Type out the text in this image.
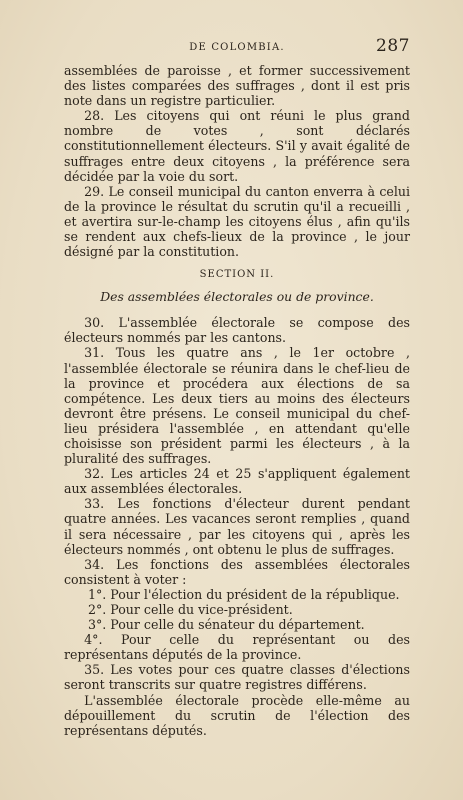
DE COLOMBIA.	287

assemblées de paroisse , et former successivement des listes comparées des suffrages , dont il est pris note dans un registre particulier.

28. Les citoyens qui ont réuni le plus grand nombre de votes , sont déclarés constitutionnellement électeurs. S'il y avait égalité de suffrages entre deux citoyens , la préférence sera décidée par la voie du sort.

29. Le conseil municipal du canton enverra à celui de la province le résultat du scrutin qu'il a recueilli , et avertira sur-le-champ les citoyens élus , afin qu'ils se rendent aux chefs-lieux de la province , le jour désigné par la constitution.

SECTION II.
Des assemblées électorales ou de province.

30. L'assemblée électorale se compose des électeurs nommés par les cantons.

31. Tous les quatre ans , le 1er octobre , l'assemblée électorale se réunira dans le chef-lieu de la province et procédera aux élections de sa compétence. Les deux tiers au moins des électeurs devront être présens. Le conseil municipal du chef-lieu présidera l'assemblée , en attendant qu'elle choisisse son président parmi les électeurs , à la pluralité des suffrages.

32. Les articles 24 et 25 s'appliquent également aux assemblées électorales.

33. Les fonctions d'électeur durent pendant quatre années. Les vacances seront remplies , quand il sera nécessaire , par les citoyens qui , après les électeurs nommés , ont obtenu le plus de suffrages.

34. Les fonctions des assemblées électorales consistent à voter :

1°. Pour l'élection du président de la république.

2°. Pour celle du vice-président.

3°. Pour celle du sénateur du département.

4°. Pour celle du représentant ou des représentans députés de la province.

35. Les votes pour ces quatre classes d'élections seront transcrits sur quatre registres différens.

L'assemblée électorale procède elle-même au dépouillement du scrutin de l'élection des représentans députés.
